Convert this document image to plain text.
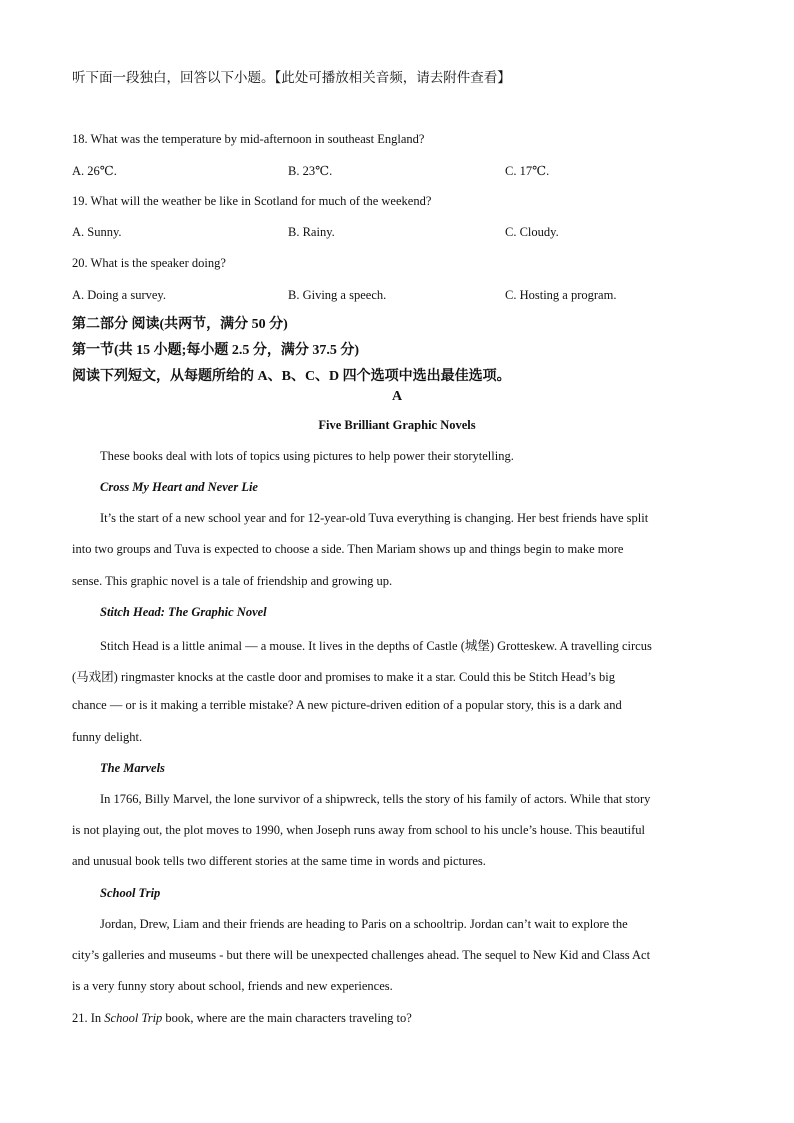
听下面一段独白，回答以下小题。【此处可播放相关音频，请去附件查看】
18. What was the temperature by mid-afternoon in southeast England?
A. 26℃.	B. 23℃.	C. 17℃.
19. What will the weather be like in Scotland for much of the weekend?
A. Sunny.	B. Rainy.	C. Cloudy.
20. What is the speaker doing?
A. Doing a survey.	B. Giving a speech.	C. Hosting a program.
第二部分 阅读(共两节，满分 50 分)
第一节(共 15 小题;每小题 2.5 分，满分 37.5 分)
阅读下列短文，从每题所给的 A、B、C、D 四个选项中选出最佳选项。
A
Five Brilliant Graphic Novels
These books deal with lots of topics using pictures to help power their storytelling.
Cross My Heart and Never Lie
It’s the start of a new school year and for 12-year-old Tuva everything is changing. Her best friends have split
into two groups and Tuva is expected to choose a side. Then Mariam shows up and things begin to make more
sense. This graphic novel is a tale of friendship and growing up.
Stitch Head: The Graphic Novel
Stitch Head is a little animal — a mouse. It lives in the depths of Castle (城堡) Grotteskew. A travelling circus
(马戏团) ringmaster knocks at the castle door and promises to make it a star. Could this be Stitch Head’s big
chance — or is it making a terrible mistake? A new picture-driven edition of a popular story, this is a dark and
funny delight.
The Marvels
In 1766, Billy Marvel, the lone survivor of a shipwreck, tells the story of his family of actors. While that story
is not playing out, the plot moves to 1990, when Joseph runs away from school to his uncle’s house. This beautiful
and unusual book tells two different stories at the same time in words and pictures.
School Trip
Jordan, Drew, Liam and their friends are heading to Paris on a schooltrip. Jordan can’t wait to explore the
city’s galleries and museums - but there will be unexpected challenges ahead. The sequel to New Kid and Class Act
is a very funny story about school, friends and new experiences.
21. In School Trip book, where are the main characters traveling to?
